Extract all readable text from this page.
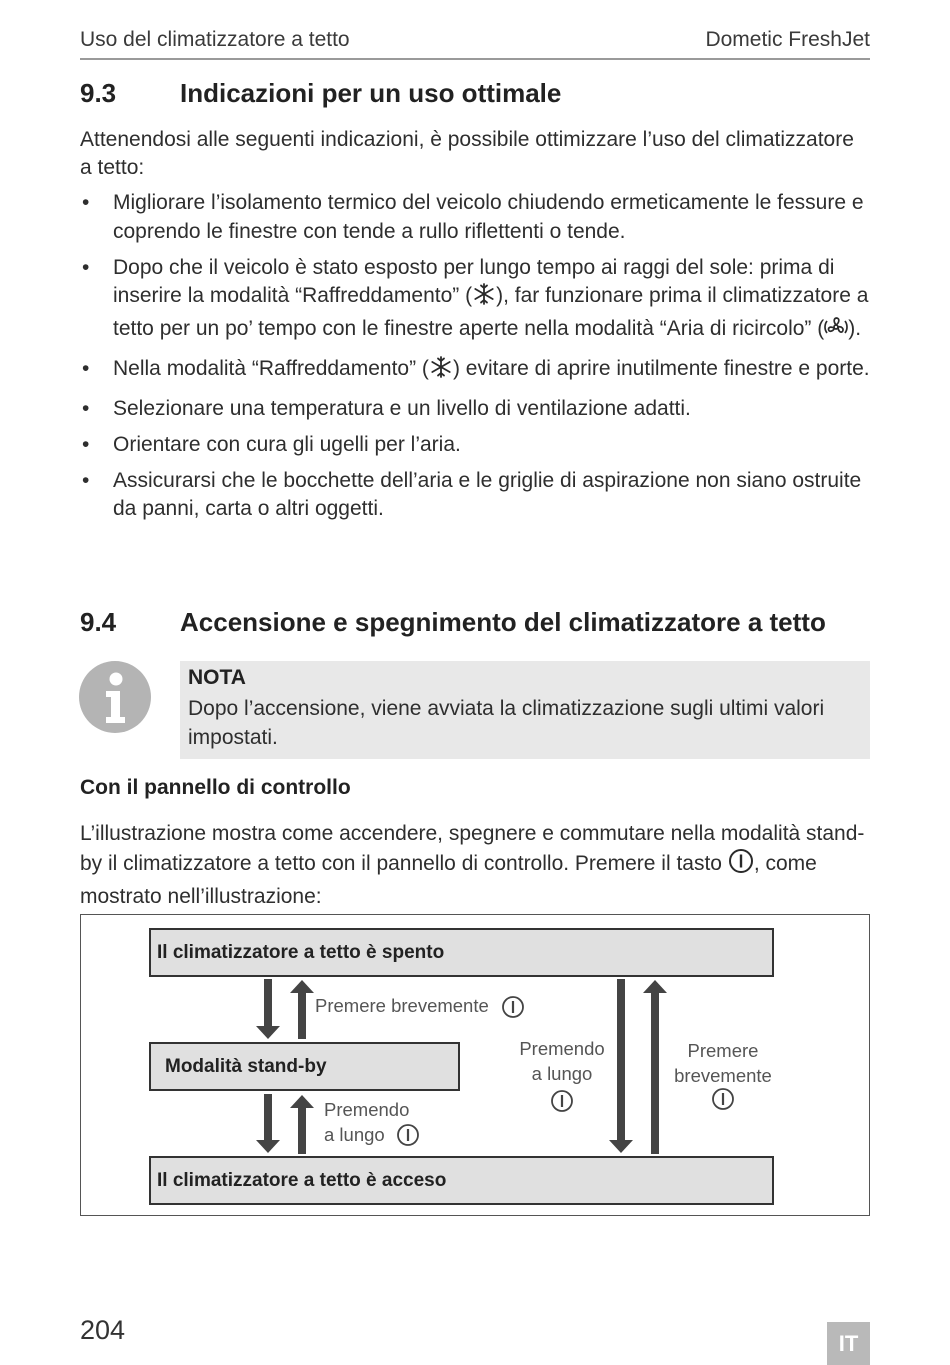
Uso del climatizzatore a tetto	Dometic FreshJet
9.3 Indicazioni per un uso ottimale

Attenendosi alle seguenti indicazioni, è possibile ottimizzare l’uso del climatizzatore

a tetto:

• Migliorare l’isolamento termico del veicolo chiudendo ermeticamente le fessure e coprendo le finestre con tende a rullo riflettenti o tende.
• Dopo che il veicolo è stato esposto per lungo tempo ai raggi del sole: prima di inserire la modalità “Raffreddamento” ( ), far funzionare prima il climatizzatore a tetto per un po’ tempo con le finestre aperte nella modalità “Aria di ricircolo” ( ).
• Nella modalità “Raffreddamento” ( ) evitare di aprire inutilmente finestre e porte.
• Selezionare una temperatura e un livello di ventilazione adatti.
• Orientare con cura gli ugelli per l’aria.
• Assicurarsi che le bocchette dell’aria e le griglie di aspirazione non siano ostruite da panni, carta o altri oggetti.
9.4 Accensione e spegnimento del climatizzatore a tetto
NOTA
Dopo l’accensione, viene avviata la climatizzazione sugli ultimi valori impostati.
Con il pannello di controllo

L’illustrazione mostra come accendere, spegnere e commutare nella modalità stand-

by il climatizzatore a tetto con il pannello di controllo. Premere il tasto , come

mostrato nell’illustrazione:

Il climatizzatore a tetto è spento
Modalità stand-by
Il climatizzatore a tetto è acceso
Premere brevemente
Premendo
a lungo
Premendo
a lungo
Premere
brevemente
204	IT
